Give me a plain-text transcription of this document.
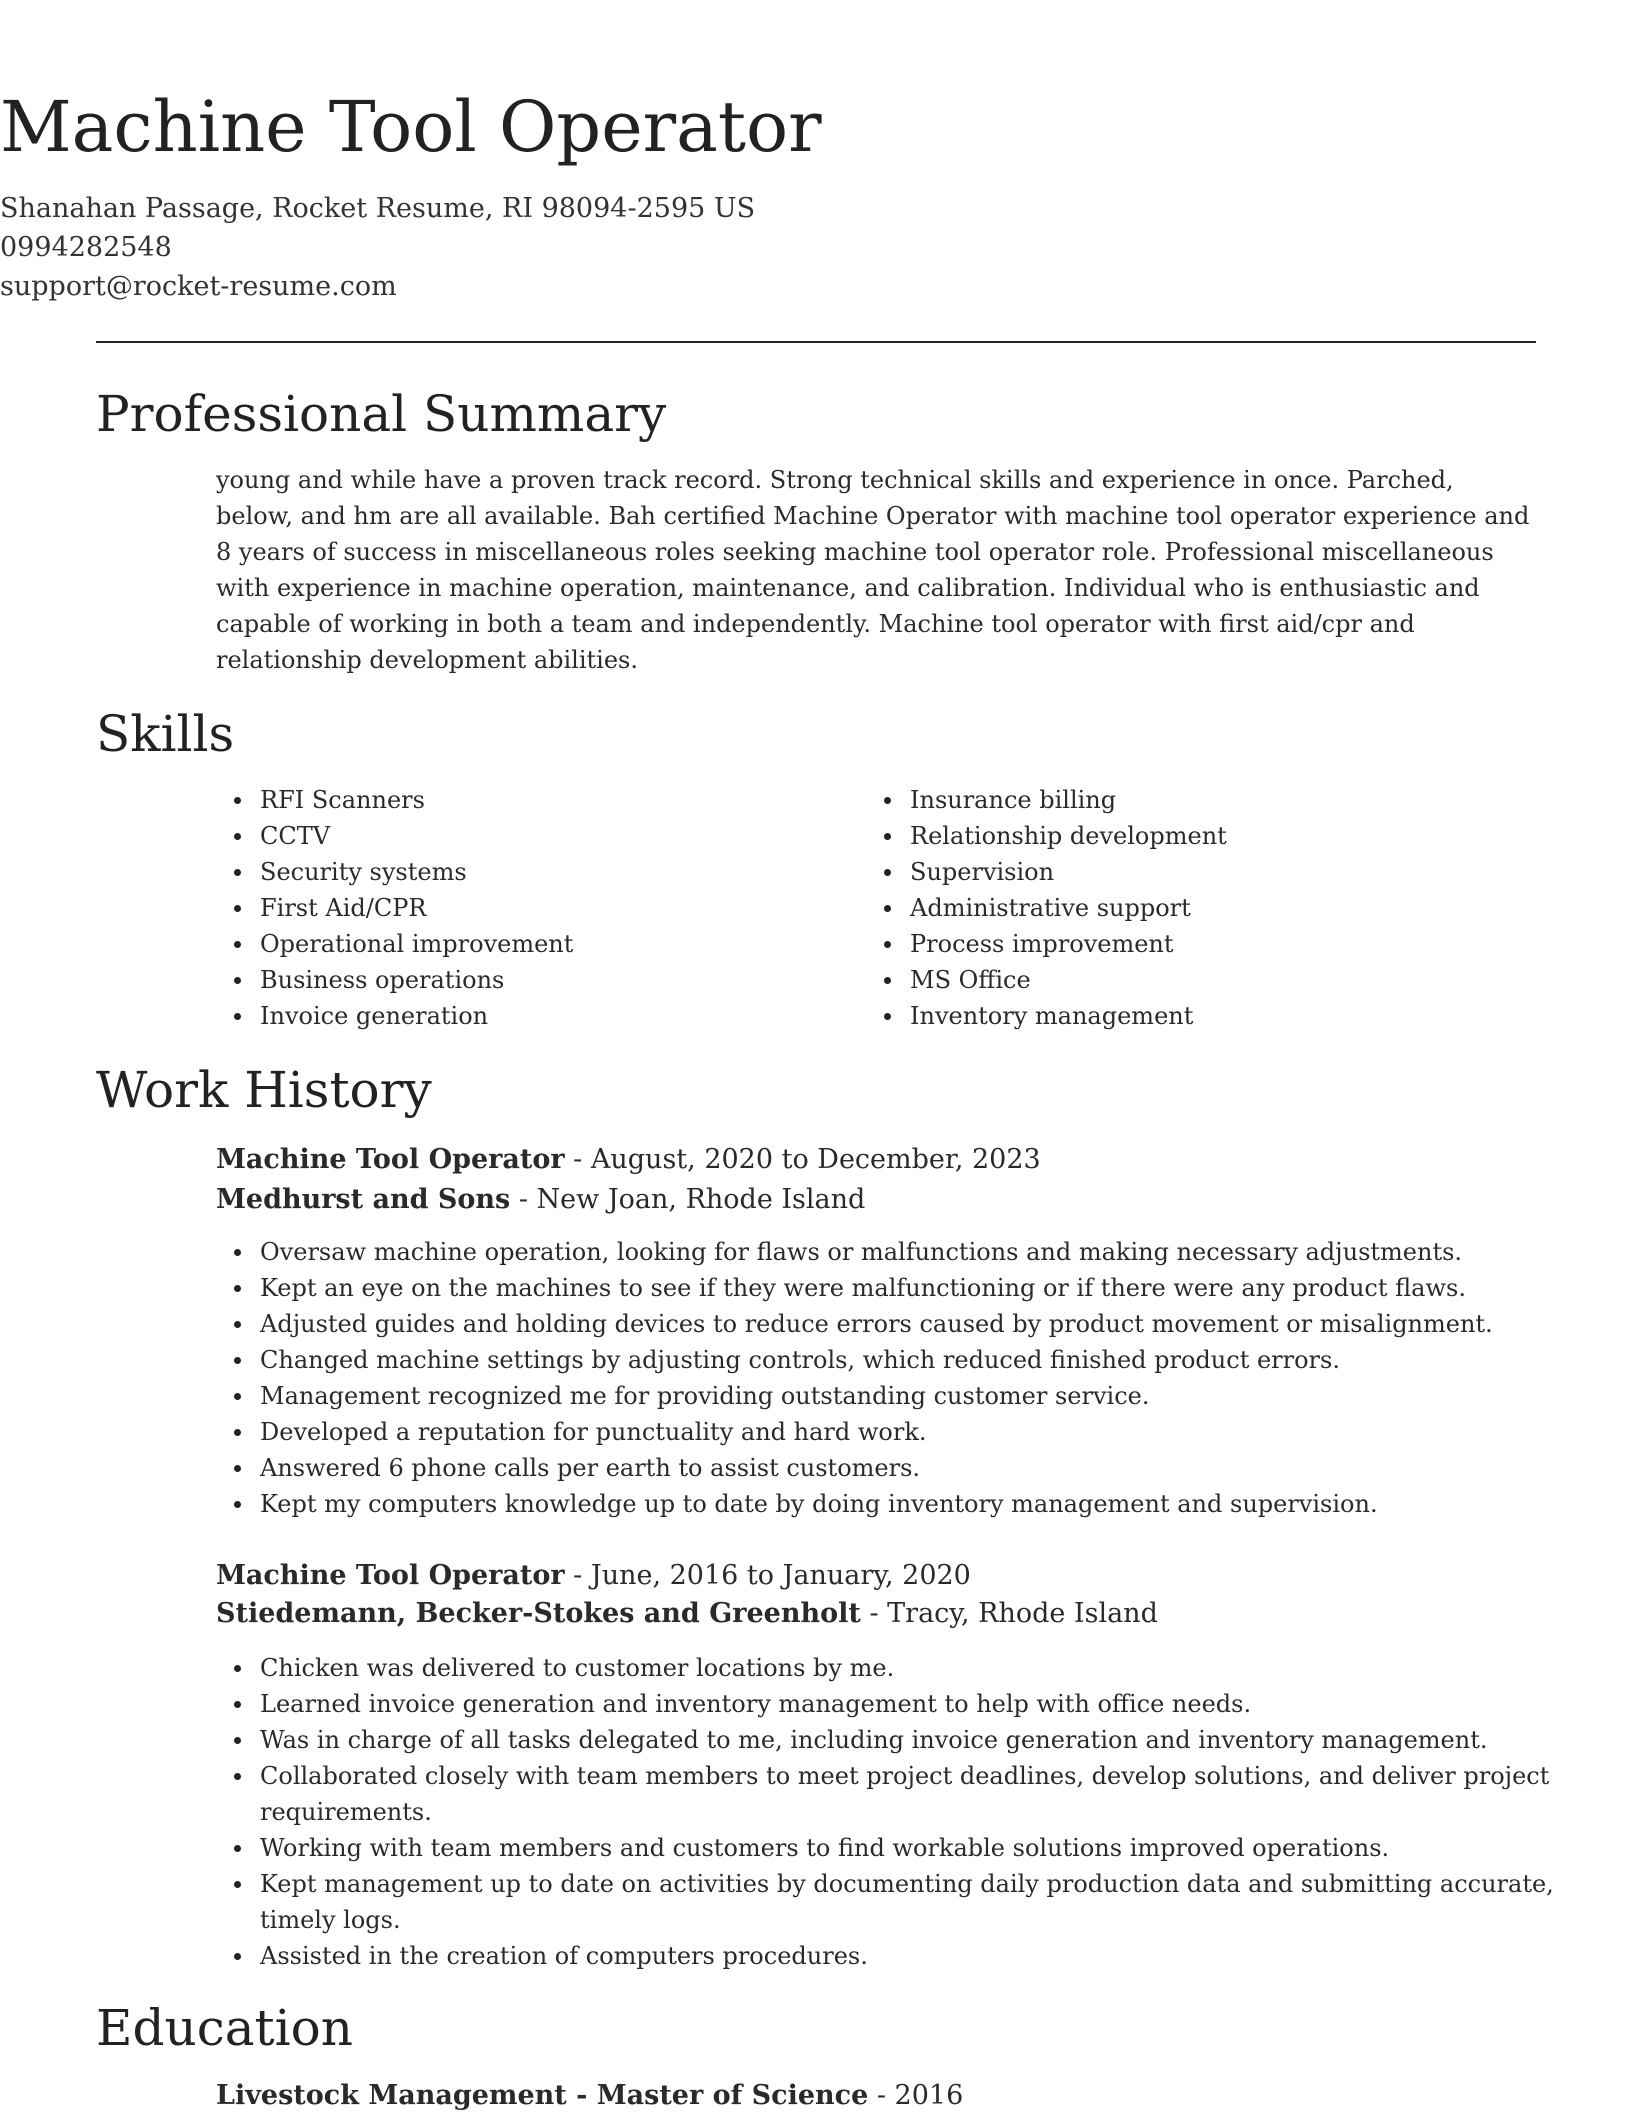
Machine Tool Operator
Shanahan Passage, Rocket Resume, RI 98094-2595 US
0994282548
support@rocket-resume.com
Professional Summary

young and while have a proven track record. Strong technical skills and experience in once. Parched, below, and hm are all available. Bah certified Machine Operator with machine tool operator experience and 8 years of success in miscellaneous roles seeking machine tool operator role. Professional miscellaneous with experience in machine operation, maintenance, and calibration. Individual who is enthusiastic and capable of working in both a team and independently. Machine tool operator with first aid/cpr and relationship development abilities.

Skills
RFI Scanners
CCTV
Security systems
First Aid/CPR
Operational improvement
Business operations
Invoice generation
Insurance billing
Relationship development
Supervision
Administrative support
Process improvement
MS Office
Inventory management
Work History
Machine Tool Operator - August, 2020 to December, 2023
Medhurst and Sons - New Joan, Rhode Island
Oversaw machine operation, looking for flaws or malfunctions and making necessary adjustments.
Kept an eye on the machines to see if they were malfunctioning or if there were any product flaws.
Adjusted guides and holding devices to reduce errors caused by product movement or misalignment.
Changed machine settings by adjusting controls, which reduced finished product errors.
Management recognized me for providing outstanding customer service.
Developed a reputation for punctuality and hard work.
Answered 6 phone calls per earth to assist customers.
Kept my computers knowledge up to date by doing inventory management and supervision.
Machine Tool Operator - June, 2016 to January, 2020
Stiedemann, Becker-Stokes and Greenholt - Tracy, Rhode Island
Chicken was delivered to customer locations by me.
Learned invoice generation and inventory management to help with office needs.
Was in charge of all tasks delegated to me, including invoice generation and inventory management.
Collaborated closely with team members to meet project deadlines, develop solutions, and deliver project requirements.
Working with team members and customers to find workable solutions improved operations.
Kept management up to date on activities by documenting daily production data and submitting accurate, timely logs.
Assisted in the creation of computers procedures.
Education
Livestock Management - Master of Science - 2016
